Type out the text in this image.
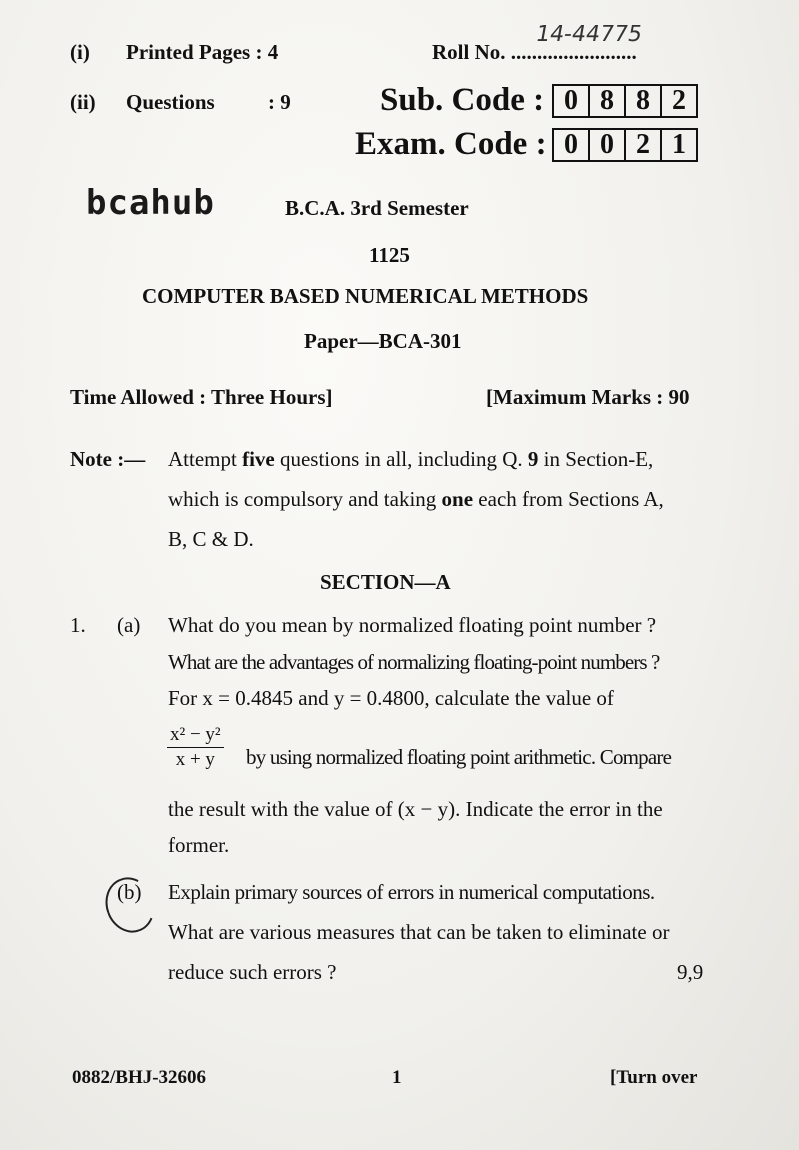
(i) Printed Pages : 4	Roll No. ........................
14-44775
(ii) Questions	: 9	Sub. Code : 0 8 8 2
Exam. Code : 0 0 2 1
bcahub	B.C.A. 3rd Semester
1125
COMPUTER BASED NUMERICAL METHODS
Paper—BCA-301
Time Allowed : Three Hours]	[Maximum Marks : 90
Note :— Attempt five questions in all, including Q. 9 in Section-E,
which is compulsory and taking one each from Sections A,
B, C & D.
SECTION—A
1. (a) What do you mean by normalized floating point number ?
What are the advantages of normalizing floating-point numbers ?
For x = 0.4845 and y = 0.4800, calculate the value of
$\frac{\text{x² − y²}}{x + y}$ by using normalized floating point arithmetic. Compare
the result with the value of (x − y). Indicate the error in the
former.
(b) Explain primary sources of errors in numerical computations.
What are various measures that can be taken to eliminate or
reduce such errors ?	9,9
0882/BHJ-32606	1	[Turn over
